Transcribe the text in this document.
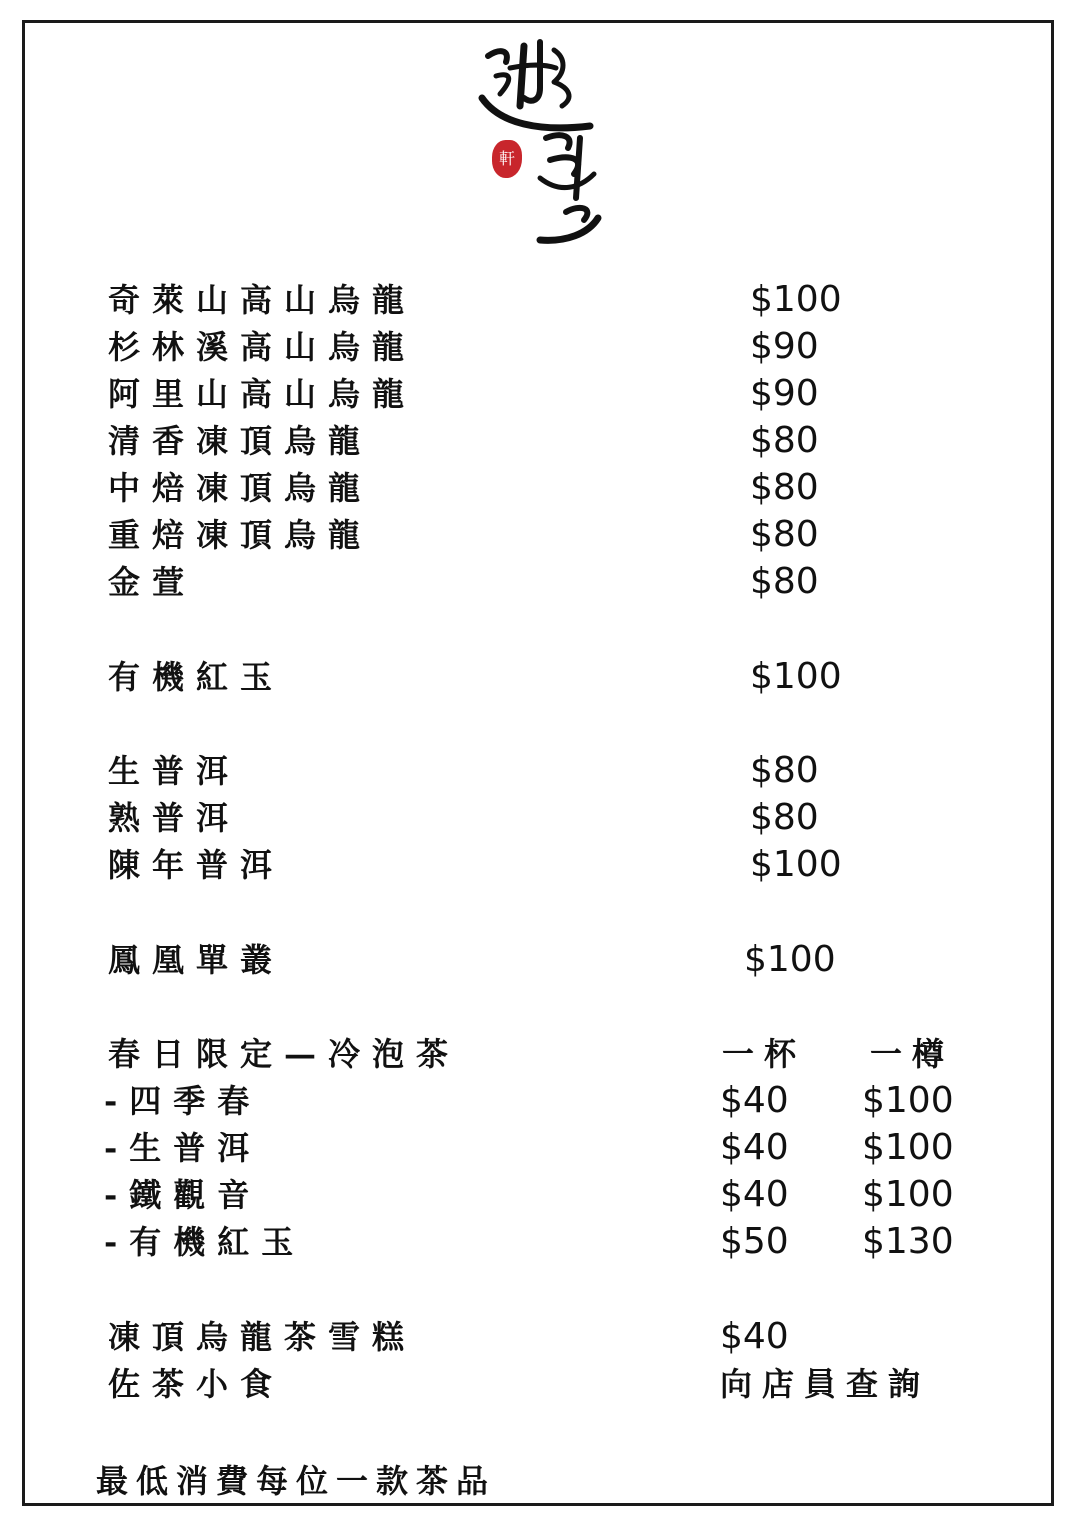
軒
奇萊山高山烏龍	$100
杉林溪高山烏龍	$90
阿里山高山烏龍	$90
清香凍頂烏龍	$80
中焙凍頂烏龍	$80
重焙凍頂烏龍	$80
金萱	$80
有機紅玉	$100
生普洱	$80
熟普洱	$80
陳年普洱	$100
鳳凰單叢	$100
春日限定—冷泡茶	一杯 一樽
-四季春	$40 $100
-生普洱	$40 $100
-鐵觀音	$40 $100
-有機紅玉	$50 $130
凍頂烏龍茶雪糕	$40
佐茶小食	向店員查詢
最低消費每位一款茶品
